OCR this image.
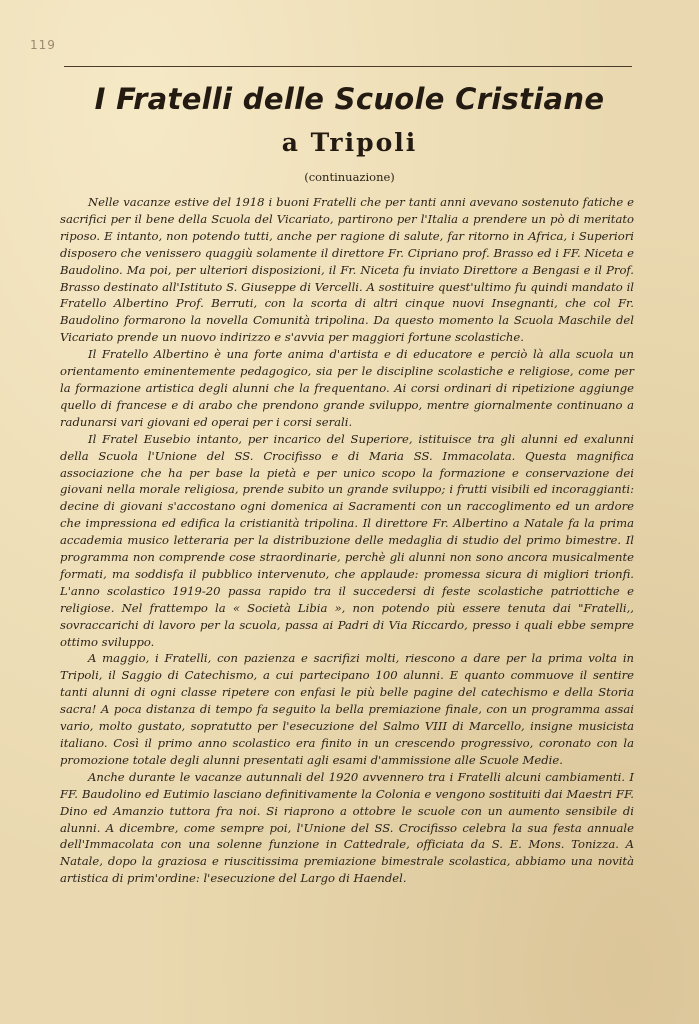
119
I Fratelli delle Scuole Cristiane
a Tripoli
(continuazione)

Nelle vacanze estive del 1918 i buoni Fratelli che per tanti anni avevano sostenuto fatiche e sacrifici per il bene della Scuola del Vicariato, partirono per l'Italia a prendere un pò di meritato riposo. E intanto, non potendo tutti, anche per ragione di salute, far ritorno in Africa, i Superiori disposero che venissero quaggiù solamente il direttore Fr. Cipriano prof. Brasso ed i FF. Niceta e Baudolino. Ma poi, per ulteriori disposizioni, il Fr. Niceta fu inviato Direttore a Bengasi e il Prof. Brasso destinato all'Istituto S. Giuseppe di Vercelli. A sostituire quest'ultimo fu quindi mandato il Fratello Albertino Prof. Berruti, con la scorta di altri cinque nuovi Insegnanti, che col Fr. Baudolino formarono la novella Comunità tripolina. Da questo momento la Scuola Maschile del Vicariato prende un nuovo indirizzo e s'avvia per maggiori fortune scolastiche.

Il Fratello Albertino è una forte anima d'artista e di educatore e perciò là alla scuola un orientamento eminentemente pedagogico, sia per le discipline scolastiche e religiose, come per la formazione artistica degli alunni che la frequentano. Ai corsi ordinari di ripetizione aggiunge quello di francese e di arabo che prendono grande sviluppo, mentre giornalmente continuano a radunarsi vari giovani ed operai per i corsi serali.

Il Fratel Eusebio intanto, per incarico del Superiore, istituisce tra gli alunni ed exalunni della Scuola l'Unione del SS. Crocifisso e di Maria SS. Immacolata. Questa magnifica associazione che ha per base la pietà e per unico scopo la formazione e conservazione dei giovani nella morale religiosa, prende subito un grande sviluppo; i frutti visibili ed incoraggianti: decine di giovani s'accostano ogni domenica ai Sacramenti con un raccoglimento ed un ardore che impressiona ed edifica la cristianità tripolina. Il direttore Fr. Albertino a Natale fa la prima accademia musico letteraria per la distribuzione delle medaglia di studio del primo bimestre. Il programma non comprende cose straordinarie, perchè gli alunni non sono ancora musicalmente formati, ma soddisfa il pubblico intervenuto, che applaude: promessa sicura di migliori trionfi. L'anno scolastico 1919-20 passa rapido tra il succedersi di feste scolastiche patriottiche e religiose. Nel frattempo la « Società Libia », non potendo più essere tenuta dai "Fratelli,, sovraccarichi di lavoro per la scuola, passa ai Padri di Via Riccardo, presso i quali ebbe sempre ottimo sviluppo.

A maggio, i Fratelli, con pazienza e sacrifizi molti, riescono a dare per la prima volta in Tripoli, il Saggio di Catechismo, a cui partecipano 100 alunni. E quanto commuove il sentire tanti alunni di ogni classe ripetere con enfasi le più belle pagine del catechismo e della Storia sacra! A poca distanza di tempo fa seguito la bella premiazione finale, con un programma assai vario, molto gustato, sopratutto per l'esecuzione del Salmo VIII di Marcello, insigne musicista italiano. Così il primo anno scolastico era finito in un crescendo progressivo, coronato con la promozione totale degli alunni presentati agli esami d'ammissione alle Scuole Medie.

Anche durante le vacanze autunnali del 1920 avvennero tra i Fratelli alcuni cambiamenti. I FF. Baudolino ed Eutimio lasciano definitivamente la Colonia e vengono sostituiti dai Maestri FF. Dino ed Amanzio tuttora fra noi. Si riaprono a ottobre le scuole con un aumento sensibile di alunni. A dicembre, come sempre poi, l'Unione del SS. Crocifisso celebra la sua festa annuale dell'Immacolata con una solenne funzione in Cattedrale, officiata da S. E. Mons. Tonizza. A Natale, dopo la graziosa e riuscitissima premiazione bimestrale scolastica, abbiamo una novità artistica di prim'ordine: l'esecuzione del Largo di Haendel.
